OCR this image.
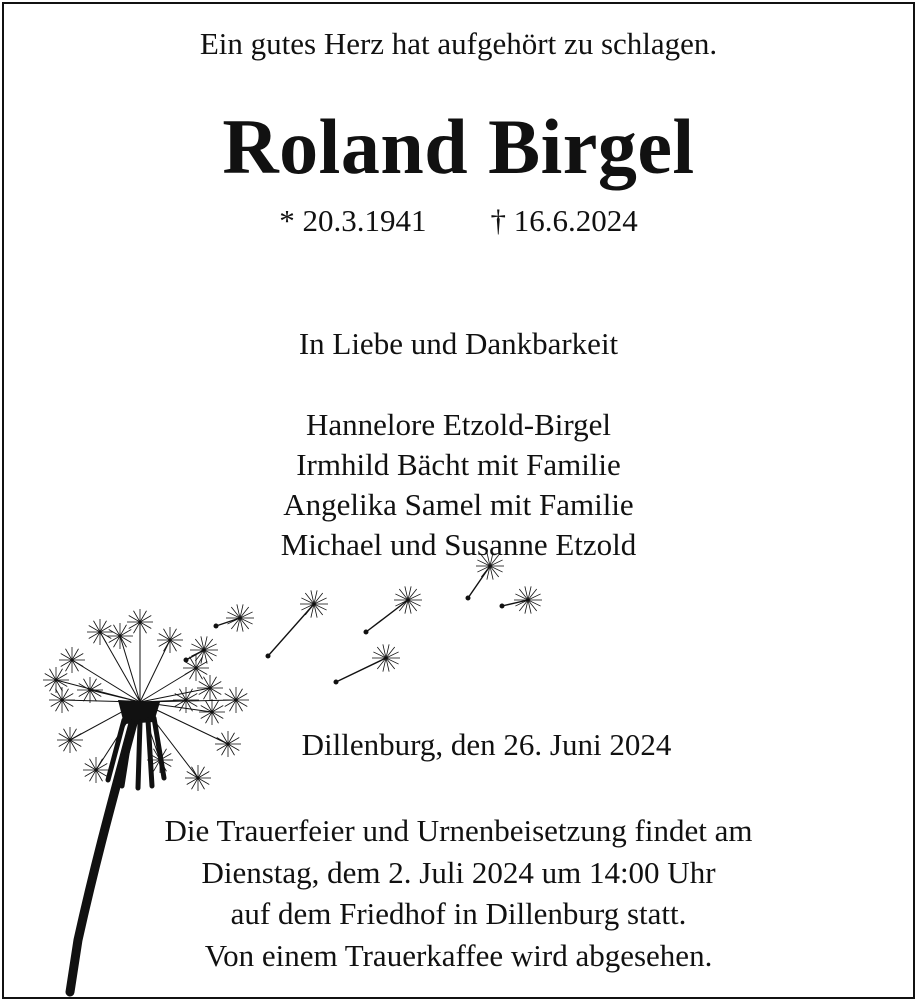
Ein gutes Herz hat aufgehört zu schlagen.

Roland Birgel

* 20.3.1941 † 16.6.2024

In Liebe und Dankbarkeit

Hannelore Etzold-Birgel
Irmhild Bächt mit Familie
Angelika Samel mit Familie
Michael und Susanne Etzold

Dillenburg, den 26. Juni 2024

Die Trauerfeier und Urnenbeisetzung findet am
Dienstag, dem 2. Juli 2024 um 14:00 Uhr
auf dem Friedhof in Dillenburg statt.
Von einem Trauerkaffee wird abgesehen.
